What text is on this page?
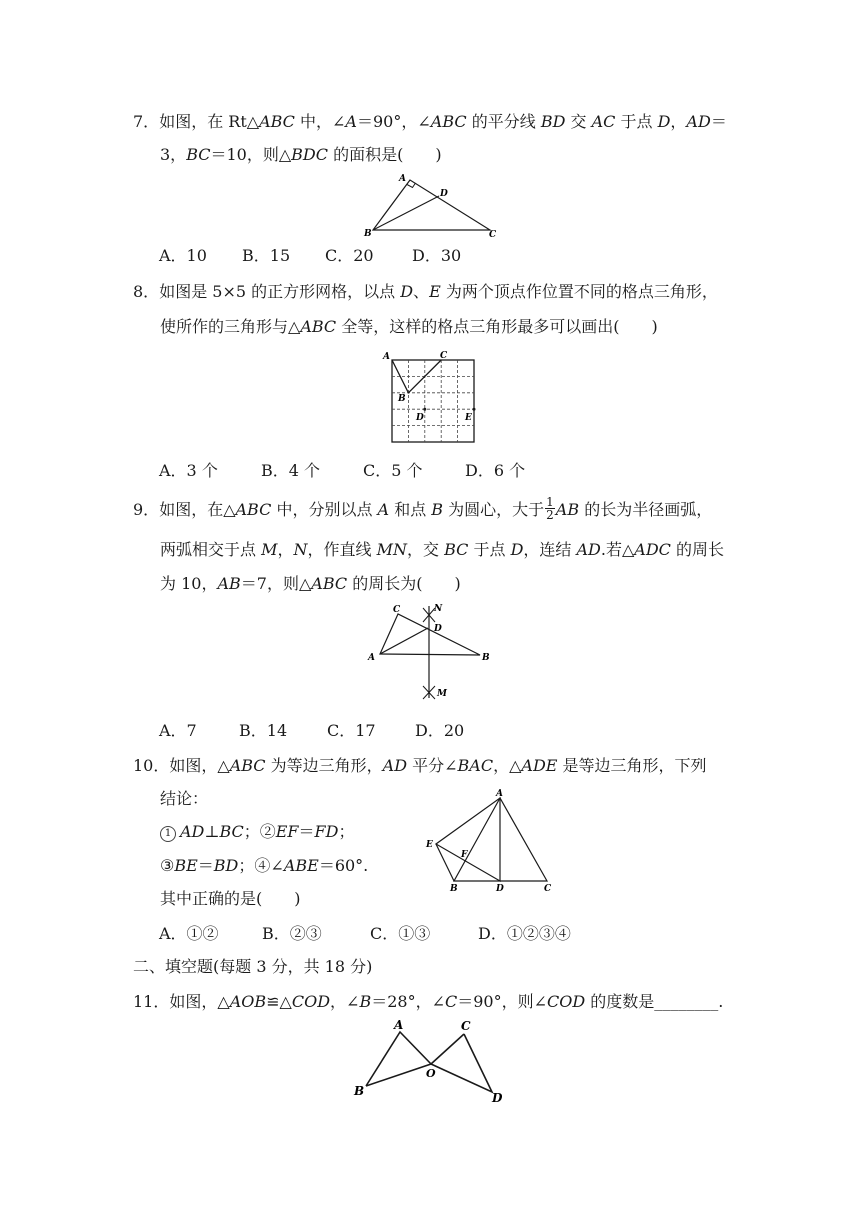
7．如图，在 Rt△ABC 中，∠A＝90°，∠ABC 的平分线 BD 交 AC 于点 D，AD＝
3，BC＝10，则△BDC 的面积是(　　)
A
B	C
D
A．10 B．15 C．20 D．30
8．如图是 5×5 的正方形网格，以点 D、E 为两个顶点作位置不同的格点三角形，
使所作的三角形与△ABC 全等，这样的格点三角形最多可以画出(　　)
A
B
C
D	E
A．3 个	B．4 个	C．5 个	D．6 个
9．如图，在△ABC 中，分别以点 A 和点 B 为圆心，大于 $\frac{1}{2}$ AB 的长为半径画弧，
两弧相交于点 M，N，作直线 MN，交 BC 于点 D，连结 AD.若△ADC 的周长
为 10，AB＝7，则△ABC 的周长为(　　)
C
A	B
D
N
M
A．7	B．14 C．17 D．20
10．如图，△ABC 为等边三角形，AD 平分∠BAC，△ADE 是等边三角形，下列
结论：
1 AD⊥BC；②EF＝FD；
③BE＝BD；④∠ABE＝60°.
其中正确的是(　　)
A
E
F
B	D	C
A．①②	B．②③	C．①③	D．①②③④
二、填空题(每题 3 分，共 18 分)
11．如图，△AOB≌△COD，∠B＝28°，∠C＝90°，则∠COD 的度数是________.
A	C
O
B	D
